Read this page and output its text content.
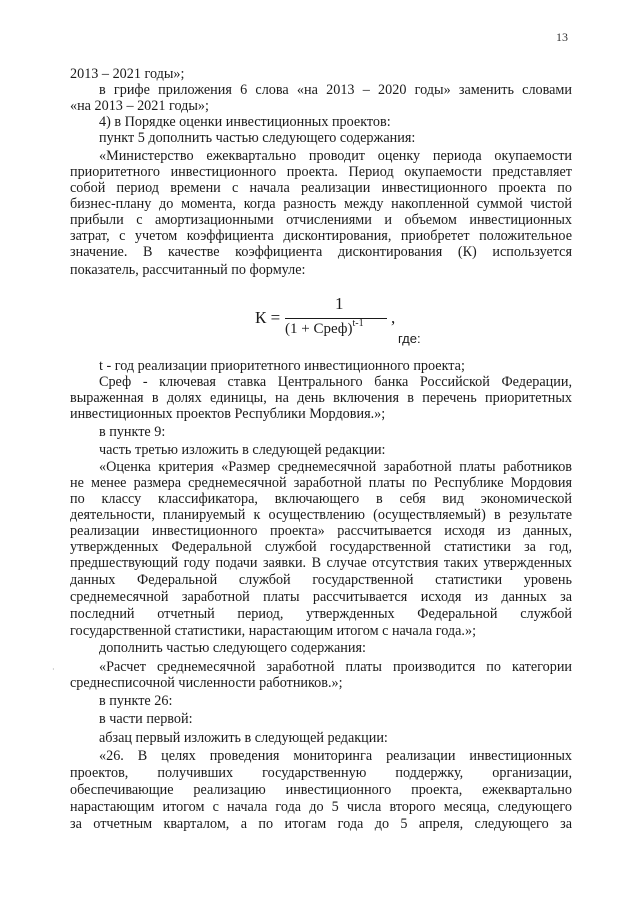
13
2013 – 2021 годы»;
в грифе приложения 6 слова «на 2013 – 2020 годы» заменить словами
«на 2013 – 2021 годы»;
4) в Порядке оценки инвестиционных проектов:
пункт 5 дополнить частью следующего содержания:
«Министерство ежеквартально проводит оценку периода окупаемости
приоритетного инвестиционного проекта. Период окупаемости представляет
собой период времени с начала реализации инвестиционного проекта по
бизнес-плану до момента, когда разность между накопленной суммой чистой
прибыли с амортизационными отчислениями и объемом инвестиционных
затрат, с учетом коэффициента дисконтирования, приобретет положительное
значение. В качестве коэффициента дисконтирования (К) используется
показатель, рассчитанный по формуле:
К =
1
(1 + Среф)$^{t-1}$ ,
где:
t - год реализации приоритетного инвестиционного проекта;
Среф - ключевая ставка Центрального банка Российской Федерации,
выраженная в долях единицы, на день включения в перечень приоритетных
инвестиционных проектов Республики Мордовия.»;
в пункте 9:
часть третью изложить в следующей редакции:
«Оценка критерия «Размер среднемесячной заработной платы работников
не менее размера среднемесячной заработной платы по Республике Мордовия
по классу классификатора, включающего в себя вид экономической
деятельности, планируемый к осуществлению (осуществляемый) в результате
реализации инвестиционного проекта» рассчитывается исходя из данных,
утвержденных Федеральной службой государственной статистики за год,
предшествующий году подачи заявки. В случае отсутствия таких утвержденных
данных Федеральной службой государственной статистики уровень
среднемесячной заработной платы рассчитывается исходя из данных за
последний отчетный период, утвержденных Федеральной службой
государственной статистики, нарастающим итогом с начала года.»;
дополнить частью следующего содержания:
«Расчет среднемесячной заработной платы производится по категории
среднесписочной численности работников.»;
в пункте 26:
в части первой:
абзац первый изложить в следующей редакции:
«26. В целях проведения мониторинга реализации инвестиционных
проектов, получивших государственную поддержку, организации,
обеспечивающие реализацию инвестиционного проекта, ежеквартально
нарастающим итогом с начала года до 5 числа второго месяца, следующего
за отчетным кварталом, а по итогам года до 5 апреля, следующего за
·
